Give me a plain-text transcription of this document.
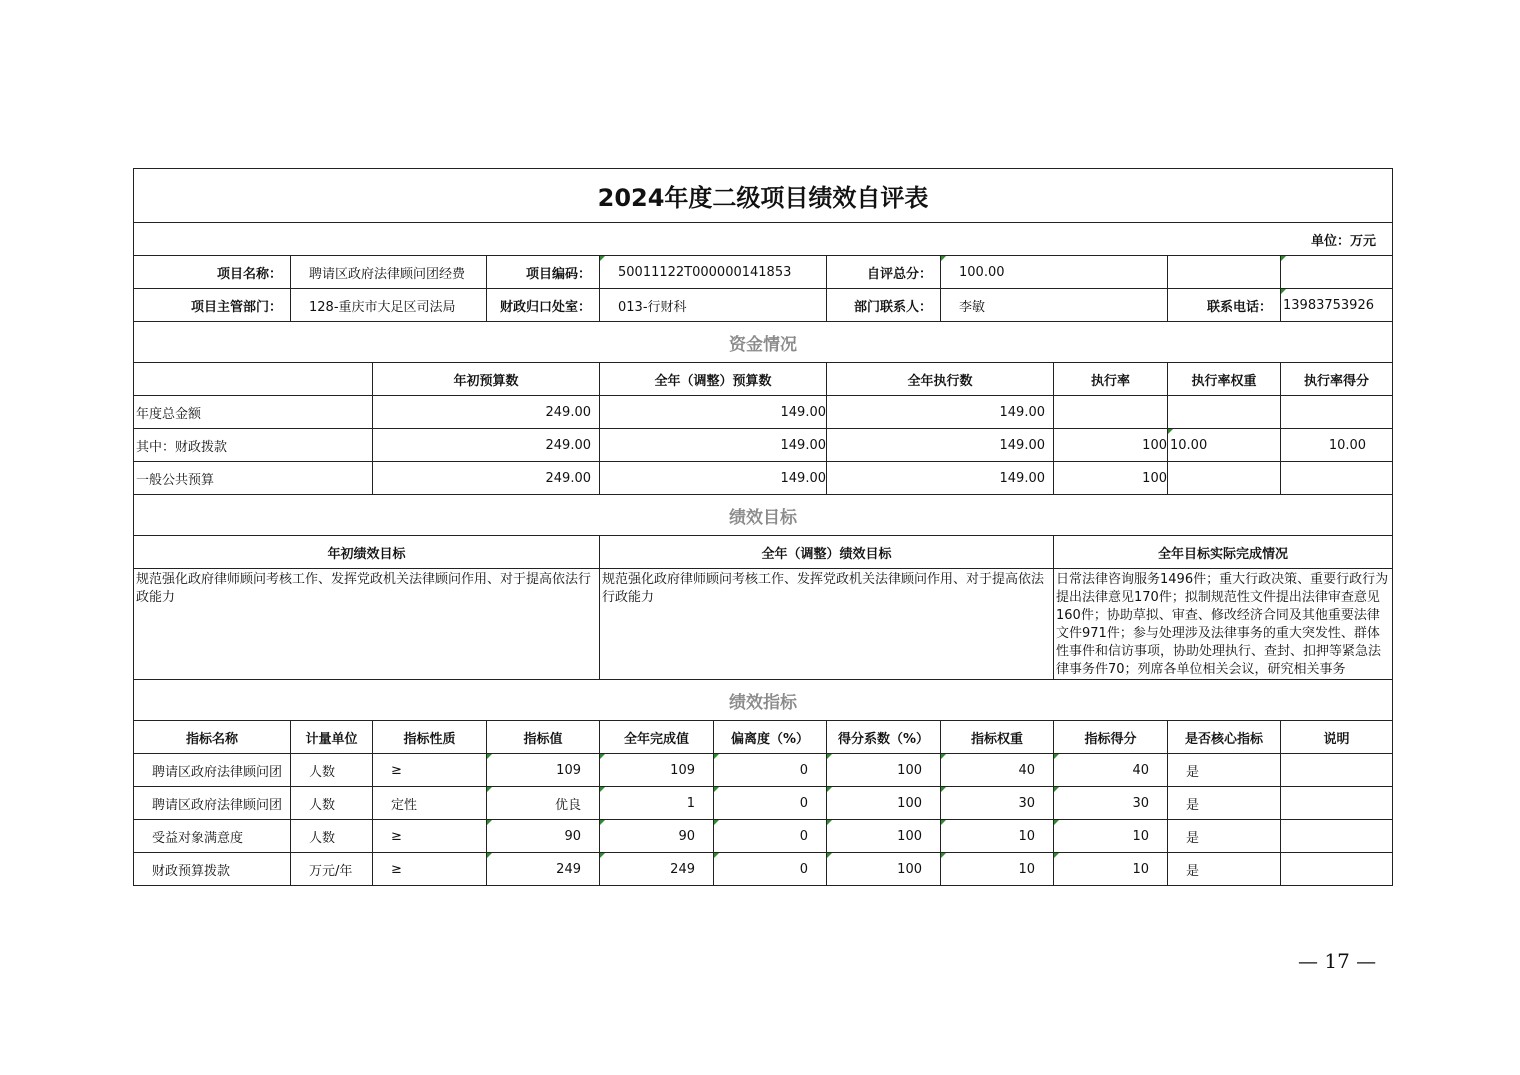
2024年度二级项目绩效自评表										
单位：万元										
项目名称：	聘请区政府法律顾问团经费		项目编码：	50011122T000000141853		自评总分：	100.00			
项目主管部门：	128-重庆市大足区司法局		财政归口处室：	013-行财科		部门联系人：	李敏		联系电话：	13983753926
资金情况										
		年初预算数		全年（调整）预算数		全年执行数		执行率	执行率权重	执行率得分
年度总金额		249.00		149.00		149.00				
其中：财政拨款		249.00		149.00		149.00		100	10.00	10.00
一般公共预算		249.00		149.00		149.00		100		
绩效目标										
年初绩效目标				全年（调整）绩效目标				全年目标实际完成情况		

规范强化政府律师顾问考核工作、发挥党政机关法律顾问作用、对于提高依法行政能力				规范强化政府律师顾问考核工作、发挥党政机关法律顾问作用、对于提高依法行政能力				日常法律咨询服务1496件；重大行政决策、重要行政行为提出法律意见170件；拟制规范性文件提出法律审查意见160件；协助草拟、审查、修改经济合同及其他重要法律文件971件；参与处理涉及法律事务的重大突发性、群体性事件和信访事项，协助处理执行、查封、扣押等紧急法律事务件70；列席各单位相关会议，研究相关事务		

绩效指标										
指标名称	计量单位	指标性质	指标值	全年完成值	偏离度（%）	得分系数（%）	指标权重	指标得分	是否核心指标	说明
聘请区政府法律顾问团	人数	≥	109	109	0	100	40	40	是	
聘请区政府法律顾问团	人数	定性	优良	1	0	100	30	30	是	
受益对象满意度	人数	≥	90	90	0	100	10	10	是	
财政预算拨款	万元/年	≥	249	249	0	100	10	10	是	
— 17 —
